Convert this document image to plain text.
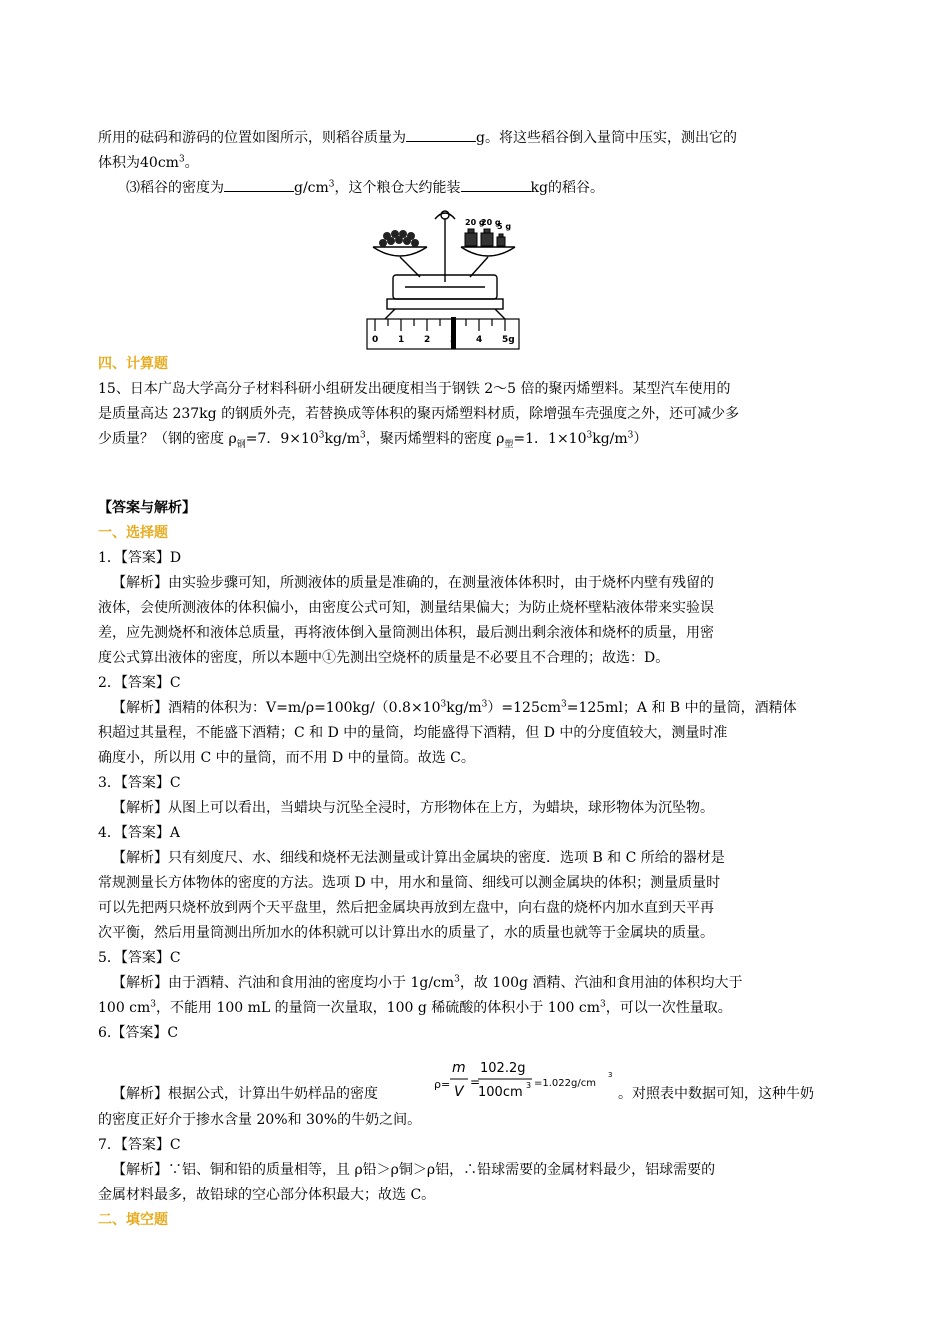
所用的砝码和游码的位置如图所示，则稻谷质量为	g。将这些稻谷倒入量筒中压实，测出它的

体积为$40cm^3$。

⑶稻谷的密度为	$g/cm^3$，这个粮仓大约能装	kg的稻谷。

20 g
20 g
5 g
0 1 2 3 4 5g

四、计算题

15、日本广岛大学高分子材料科研小组研发出硬度相当于钢铁 2～5 倍的聚丙烯塑料。某型汽车使用的

是质量高达 237kg 的钢质外壳，若替换成等体积的聚丙烯塑料材质，除增强车壳强度之外，还可减少多

少质量？（钢的密度 $\rho_钢=7$．$9\times 10^3kg/m^3$，聚丙烯塑料的密度 $\rho_塑=1$．$1\times 10^3kg/m^3$）

【答案与解析】

一、选择题

1．【答案】D

【解析】由实验步骤可知，所测液体的质量是准确的，在测量液体体积时，由于烧杯内壁有残留的

液体，会使所测液体的体积偏小，由密度公式可知，测量结果偏大；为防止烧杯壁粘液体带来实验误

差，应先测烧杯和液体总质量，再将液体倒入量筒测出体积，最后测出剩余液体和烧杯的质量，用密

度公式算出液体的密度，所以本题中①先测出空烧杯的质量是不必要且不合理的；故选：D。

2．【答案】C

【解析】酒精的体积为：$V=m/\rho=100kg/(0.8\times 10^3kg/m^3)=125cm^3=125ml$；A 和 B 中的量筒，酒精体

积超过其量程，不能盛下酒精；C 和 D 中的量筒，均能盛得下酒精，但 D 中的分度值较大，测量时准

确度小，所以用 C 中的量筒，而不用 D 中的量筒。故选 C。

3．【答案】C

【解析】从图上可以看出，当蜡块与沉坠全浸时，方形物体在上方，为蜡块，球形物体为沉坠物。

4．【答案】A

【解析】只有刻度尺、水、细线和烧杯无法测量或计算出金属块的密度．选项 B 和 C 所给的器材是

常规测量长方体物体的密度的方法。选项 D 中，用水和量筒、细线可以测金属块的体积；测量质量时

可以先把两只烧杯放到两个天平盘里，然后把金属块再放到左盘中，向右盘的烧杯内加水直到天平再

次平衡，然后用量筒测出所加水的体积就可以计算出水的质量了，水的质量也就等于金属块的质量。

5．【答案】C

【解析】由于酒精、汽油和食用油的密度均小于 $1g/cm^3$，故 100g 酒精、汽油和食用油的体积均大于

100 $cm^3$，不能用 100 mL 的量筒一次量取，100 g 稀硫酸的体积小于 100 $cm^3$，可以一次性量取。

6.【答案】C

【解析】根据公式，计算出牛奶样品的密度
ρ=
m
V
=
102.2g
100cm 3 =1.022g/cm
3
。对照表中数据可知，这种牛奶

的密度正好介于掺水含量 20%和 30%的牛奶之间。

7．【答案】C

【解析】∵铝、铜和铅的质量相等，且 ρ铅＞ρ铜＞ρ铝，∴铅球需要的金属材料最少，铝球需要的

金属材料最多，故铅球的空心部分体积最大；故选 C。

二、填空题
